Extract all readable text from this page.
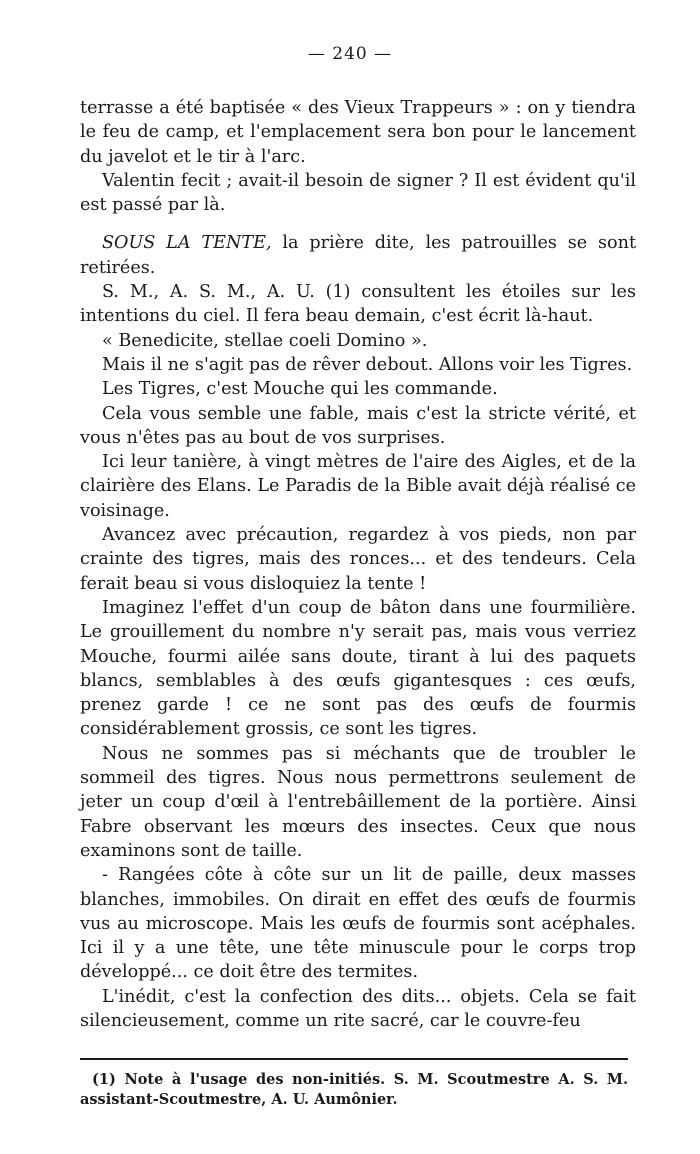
— 240 —

terrasse a été baptisée « des Vieux Trappeurs » : on y tiendra le feu de camp, et l'emplacement sera bon pour le lancement du javelot et le tir à l'arc.

Valentin fecit ; avait-il besoin de signer ? Il est évident qu'il est passé par là.

SOUS LA TENTE, la prière dite, les patrouilles se sont retirées.

S. M., A. S. M., A. U. (1) consultent les étoiles sur les intentions du ciel. Il fera beau demain, c'est écrit là-haut.

« Benedicite, stellae coeli Domino ».

Mais il ne s'agit pas de rêver debout. Allons voir les Tigres.

Les Tigres, c'est Mouche qui les commande.

Cela vous semble une fable, mais c'est la stricte vérité, et vous n'êtes pas au bout de vos surprises.

Ici leur tanière, à vingt mètres de l'aire des Aigles, et de la clairière des Elans. Le Paradis de la Bible avait déjà réalisé ce voisinage.

Avancez avec précaution, regardez à vos pieds, non par crainte des tigres, mais des ronces... et des tendeurs. Cela ferait beau si vous disloquiez la tente !

Imaginez l'effet d'un coup de bâton dans une fourmilière. Le grouillement du nombre n'y serait pas, mais vous verriez Mouche, fourmi ailée sans doute, tirant à lui des paquets blancs, semblables à des œufs gigantesques : ces œufs, prenez garde ! ce ne sont pas des œufs de fourmis considérablement grossis, ce sont les tigres.

Nous ne sommes pas si méchants que de troubler le sommeil des tigres. Nous nous permettrons seulement de jeter un coup d'œil à l'entrebâillement de la portière. Ainsi Fabre observant les mœurs des insectes. Ceux que nous examinons sont de taille.

- Rangées côte à côte sur un lit de paille, deux masses blanches, immobiles. On dirait en effet des œufs de fourmis vus au microscope. Mais les œufs de fourmis sont acéphales. Ici il y a une tête, une tête minuscule pour le corps trop développé... ce doit être des termites.

L'inédit, c'est la confection des dits... objets. Cela se fait silencieusement, comme un rite sacré, car le couvre-feu

(1) Note à l'usage des non-initiés. S. M. Scoutmestre A. S. M. assistant-Scoutmestre, A. U. Aumônier.
